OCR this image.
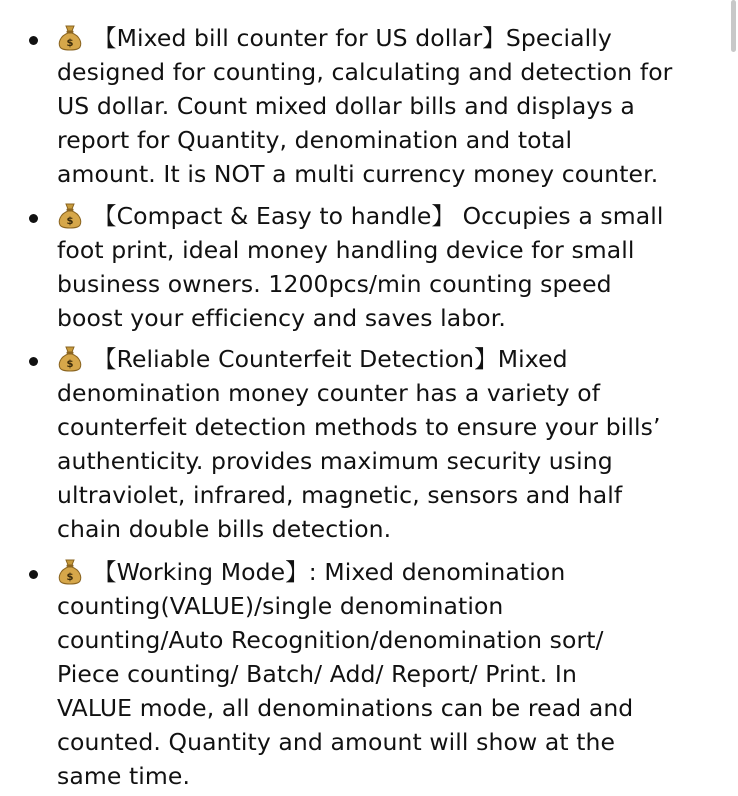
$ 【Mixed bill counter for US dollar】Specially
designed for counting, calculating and detection for
US dollar. Count mixed dollar bills and displays a
report for Quantity, denomination and total
amount. It is NOT a multi currency money counter.
$ 【Compact & Easy to handle】 Occupies a small
foot print, ideal money handling device for small
business owners. 1200pcs/min counting speed
boost your efficiency and saves labor.
$ 【Reliable Counterfeit Detection】Mixed
denomination money counter has a variety of
counterfeit detection methods to ensure your bills’
authenticity. provides maximum security using
ultraviolet, infrared, magnetic, sensors and half
chain double bills detection.
$ 【Working Mode】: Mixed denomination
counting(VALUE)/single denomination
counting/Auto Recognition/denomination sort/
Piece counting/ Batch/ Add/ Report/ Print. In
VALUE mode, all denominations can be read and
counted. Quantity and amount will show at the
same time.
